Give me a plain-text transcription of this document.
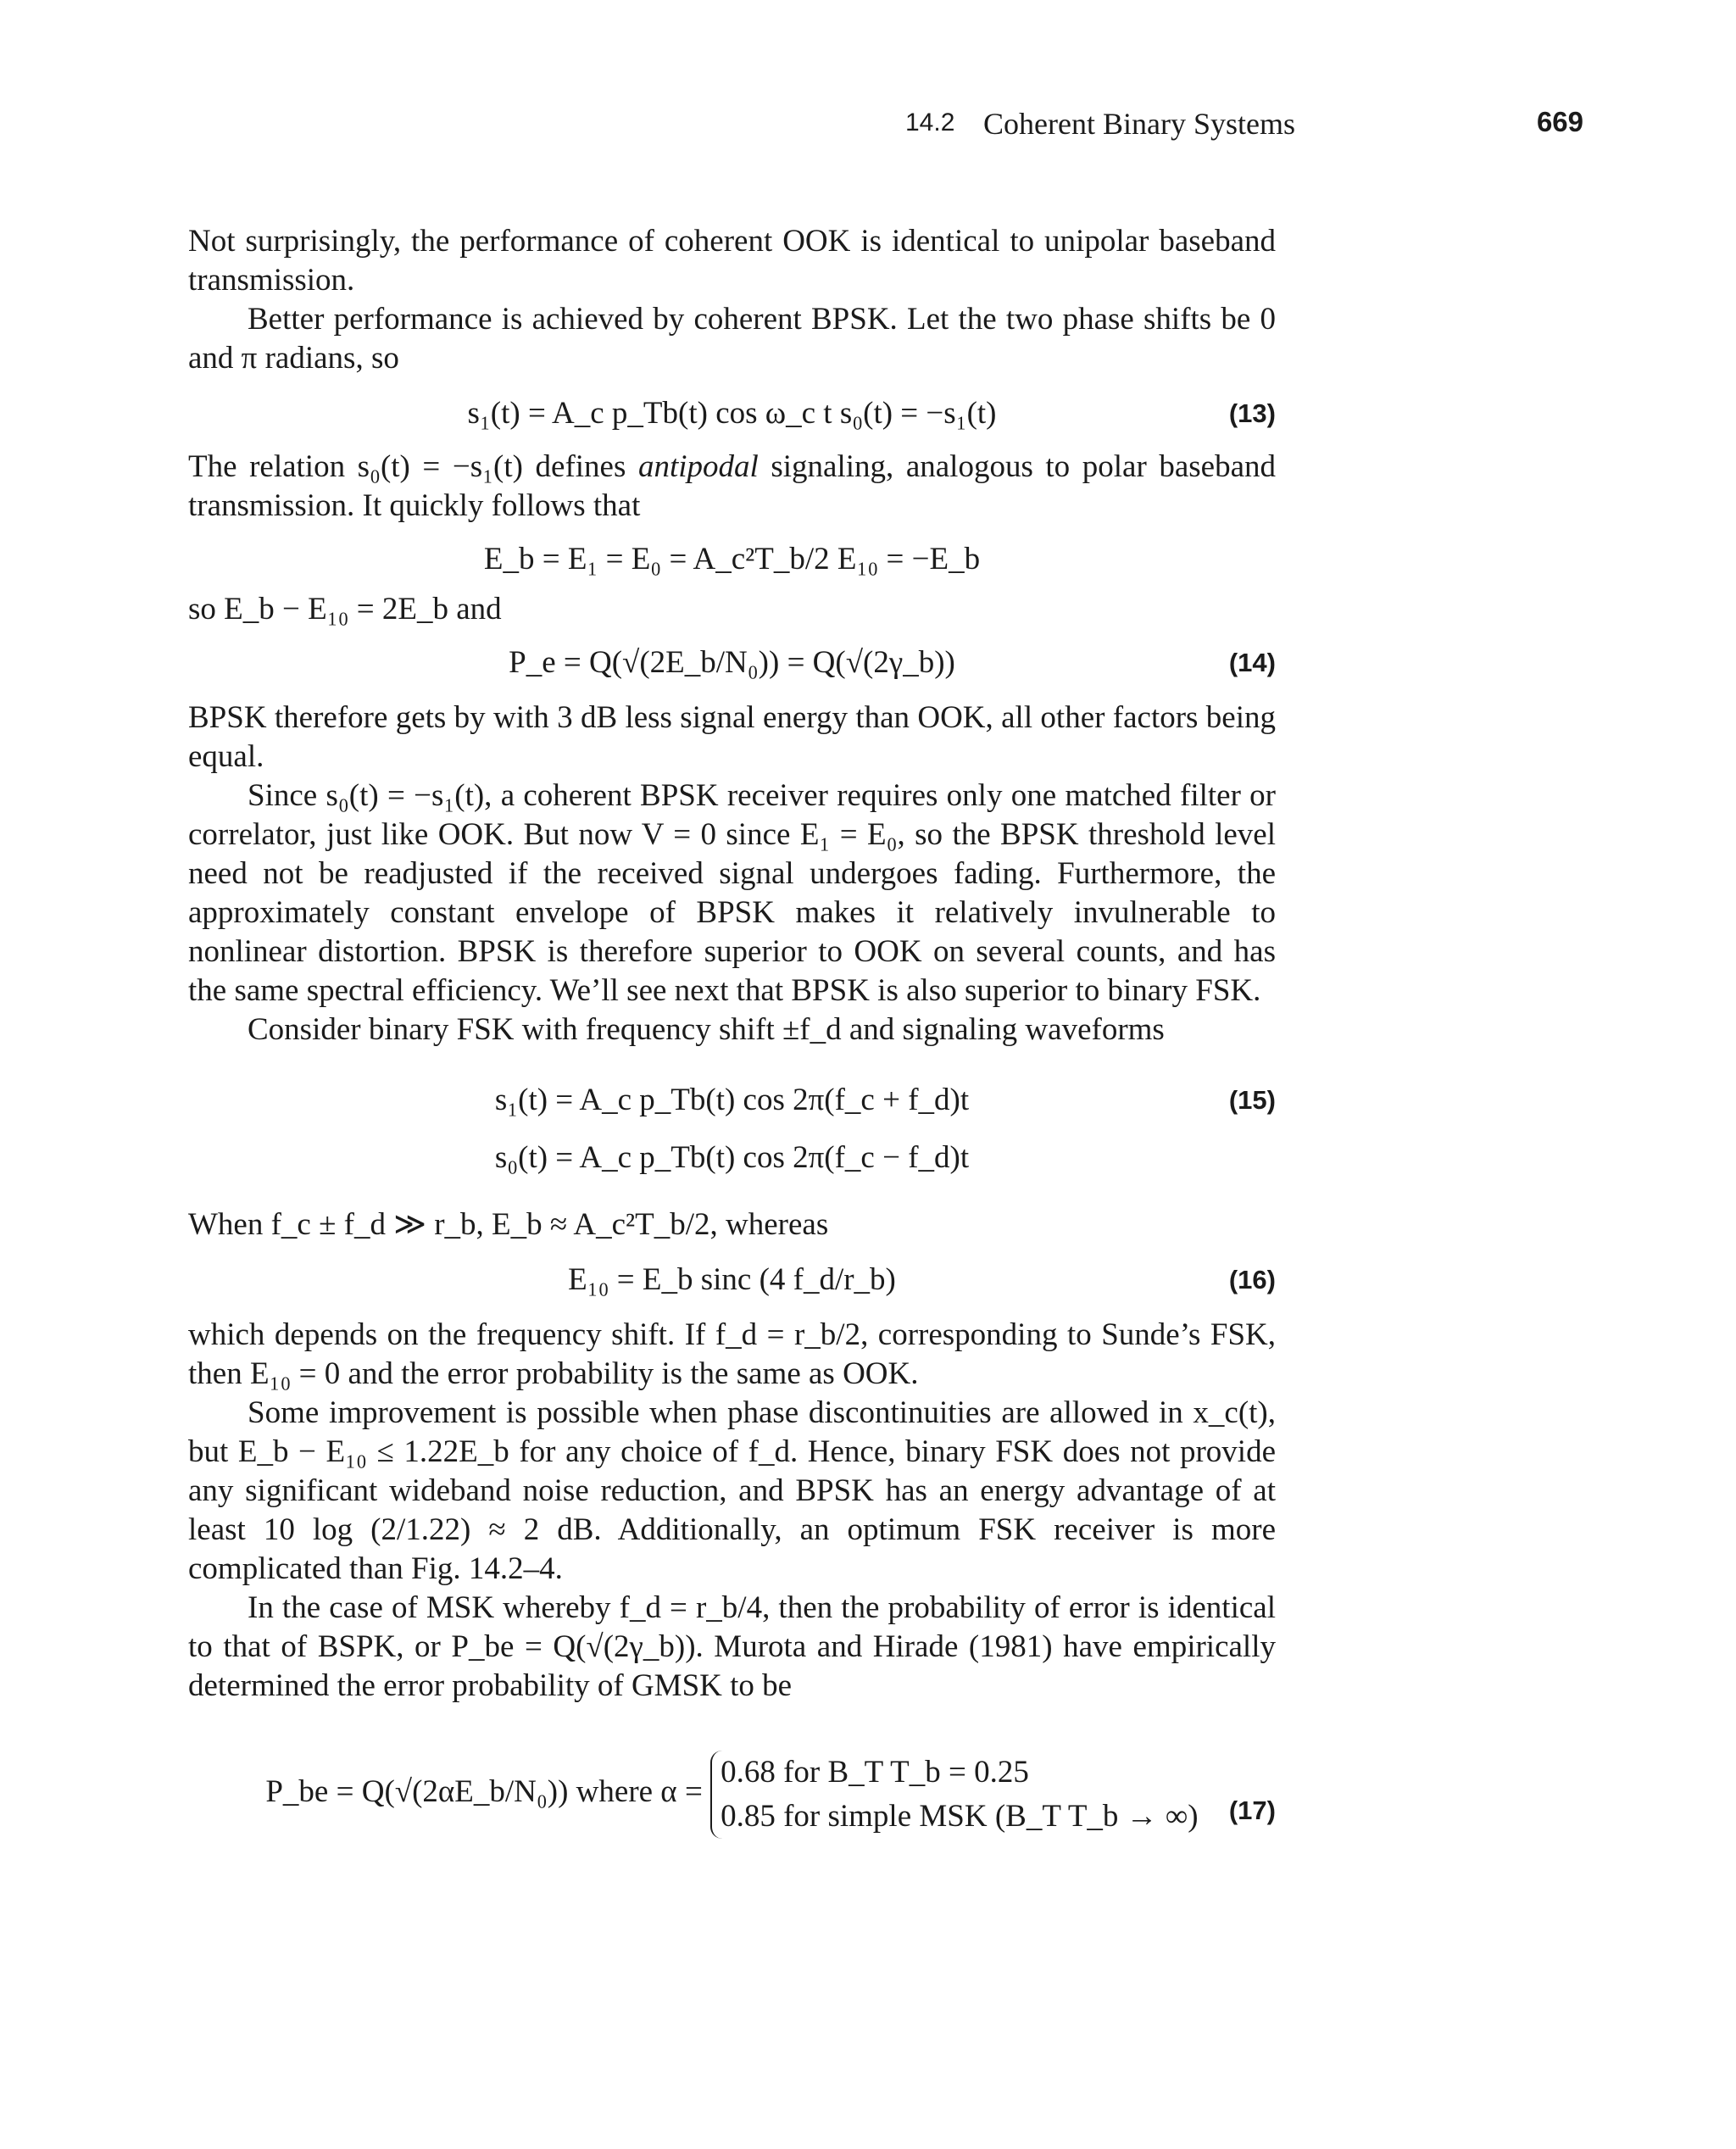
14.2 Coherent Binary Systems	669

Not surprisingly, the performance of coherent OOK is identical to unipolar baseband transmission.

Better performance is achieved by coherent BPSK. Let the two phase shifts be 0 and π radians, so

s₁(t) = A_c p_Tb(t) cos ω_c t s₀(t) = −s₁(t)	(13)

The relation s₀(t) = −s₁(t) defines antipodal signaling, analogous to polar baseband transmission. It quickly follows that

E_b = E₁ = E₀ = A_c²T_b/2 E₁₀ = −E_b

so E_b − E₁₀ = 2E_b and

P_e = Q(√(2E_b/N₀)) = Q(√(2γ_b))	(14)

BPSK therefore gets by with 3 dB less signal energy than OOK, all other factors being equal.

Since s₀(t) = −s₁(t), a coherent BPSK receiver requires only one matched filter or correlator, just like OOK. But now V = 0 since E₁ = E₀, so the BPSK threshold level need not be readjusted if the received signal undergoes fading. Furthermore, the approximately constant envelope of BPSK makes it relatively invulnerable to nonlinear distortion. BPSK is therefore superior to OOK on several counts, and has the same spectral efficiency. We’ll see next that BPSK is also superior to binary FSK.

Consider binary FSK with frequency shift ±f_d and signaling waveforms

s₁(t) = A_c p_Tb(t) cos 2π(f_c + f_d)t	(15)
s₀(t) = A_c p_Tb(t) cos 2π(f_c − f_d)t

When f_c ± f_d ≫ r_b, E_b ≈ A_c²T_b/2, whereas

E₁₀ = E_b sinc (4 f_d/r_b)	(16)

which depends on the frequency shift. If f_d = r_b/2, corresponding to Sunde’s FSK, then E₁₀ = 0 and the error probability is the same as OOK.

Some improvement is possible when phase discontinuities are allowed in x_c(t), but E_b − E₁₀ ≤ 1.22E_b for any choice of f_d. Hence, binary FSK does not provide any significant wideband noise reduction, and BPSK has an energy advantage of at least 10 log (2/1.22) ≈ 2 dB. Additionally, an optimum FSK receiver is more complicated than Fig. 14.2–4.

In the case of MSK whereby f_d = r_b/4, then the probability of error is identical to that of BSPK, or P_be = Q(√(2γ_b)). Murota and Hirade (1981) have empirically determined the error probability of GMSK to be

P_be = Q(√(2αE_b/N₀)) where α =
0.68 for B_T T_b = 0.25
0.85 for simple MSK (B_T T_b → ∞) (17)
